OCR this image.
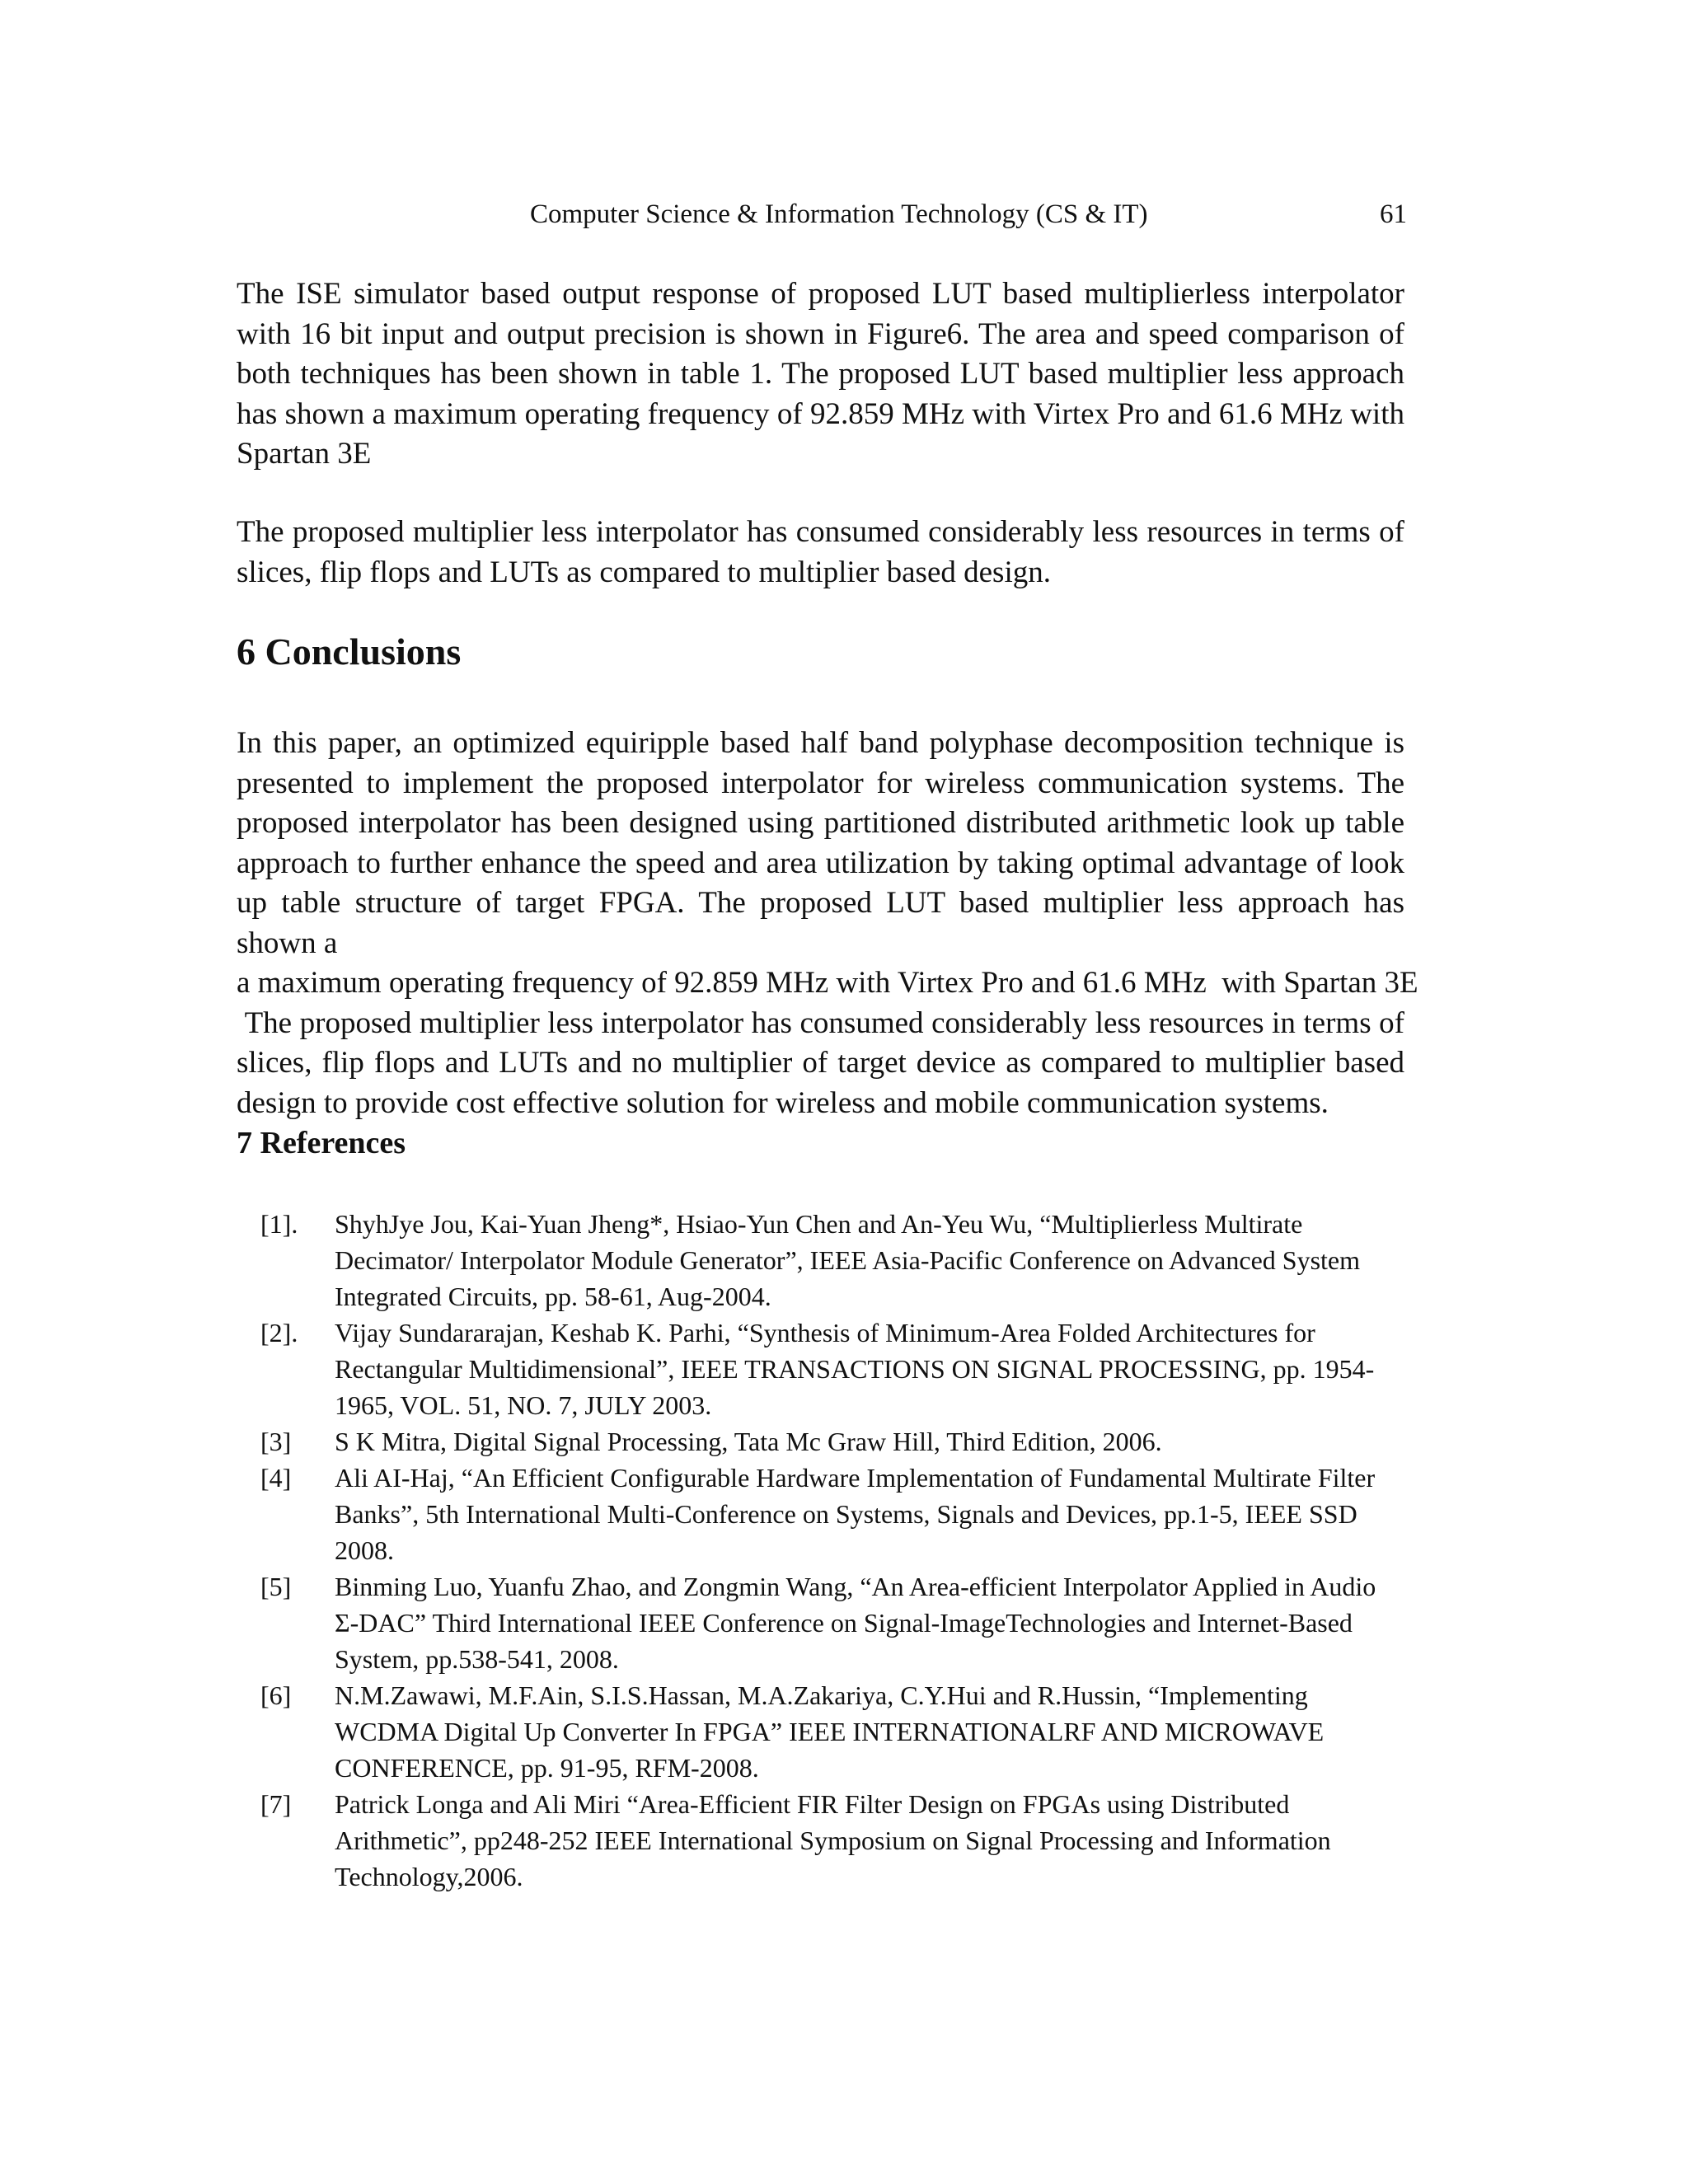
Computer Science & Information Technology (CS & IT)	61

The ISE simulator based output response of proposed LUT based multiplierless interpolator with 16 bit input and output precision is shown in Figure6. The area and speed comparison of both techniques has been shown in table 1. The proposed LUT based multiplier less approach has shown a maximum operating frequency of 92.859 MHz with Virtex Pro and 61.6 MHz with Spartan 3E

The proposed multiplier less interpolator has consumed considerably less resources in terms of slices, flip flops and LUTs as compared to multiplier based design.

6 Conclusions
In this paper, an optimized equiripple based half band polyphase decomposition technique is presented to implement the proposed interpolator for wireless communication systems. The proposed interpolator has been designed using partitioned distributed arithmetic look up table approach to further enhance the speed and area utilization by taking optimal advantage of look up table structure of target FPGA. The proposed LUT based multiplier less approach has shown a
a maximum operating frequency of 92.859 MHz with Virtex Pro and 61.6 MHz  with Spartan 3E
The proposed multiplier less interpolator has consumed considerably less resources in terms of slices, flip flops and LUTs and no multiplier of target device as compared to multiplier based design to provide cost effective solution for wireless and mobile communication systems.
7 References
[1]. ShyhJye Jou, Kai-Yuan Jheng*, Hsiao-Yun Chen and An-Yeu Wu, “Multiplierless Multirate Decimator/ Interpolator Module Generator”, IEEE Asia-Pacific Conference on Advanced System Integrated Circuits, pp. 58-61, Aug-2004.
[2]. Vijay Sundararajan, Keshab K. Parhi, “Synthesis of Minimum-Area Folded Architectures for Rectangular Multidimensional”, IEEE TRANSACTIONS ON SIGNAL PROCESSING, pp. 1954-1965, VOL. 51, NO. 7, JULY 2003.
[3] S K Mitra, Digital Signal Processing, Tata Mc Graw Hill, Third Edition, 2006.
[4] Ali AI-Haj, “An Efficient Configurable Hardware Implementation of Fundamental Multirate Filter Banks”, 5th International Multi-Conference on Systems, Signals and Devices, pp.1-5, IEEE SSD 2008.
[5] Binming Luo, Yuanfu Zhao, and Zongmin Wang, “An Area-efficient Interpolator Applied in Audio Σ-DAC” Third International IEEE Conference on Signal-ImageTechnologies and Internet-Based System, pp.538-541, 2008.
[6] N.M.Zawawi, M.F.Ain, S.I.S.Hassan, M.A.Zakariya, C.Y.Hui and R.Hussin, “Implementing WCDMA Digital Up Converter In FPGA” IEEE INTERNATIONALRF AND MICROWAVE CONFERENCE, pp. 91-95, RFM-2008.
[7] Patrick Longa and Ali Miri “Area-Efficient FIR Filter Design on FPGAs using Distributed Arithmetic”, pp248-252 IEEE International Symposium on Signal Processing and Information Technology,2006.
